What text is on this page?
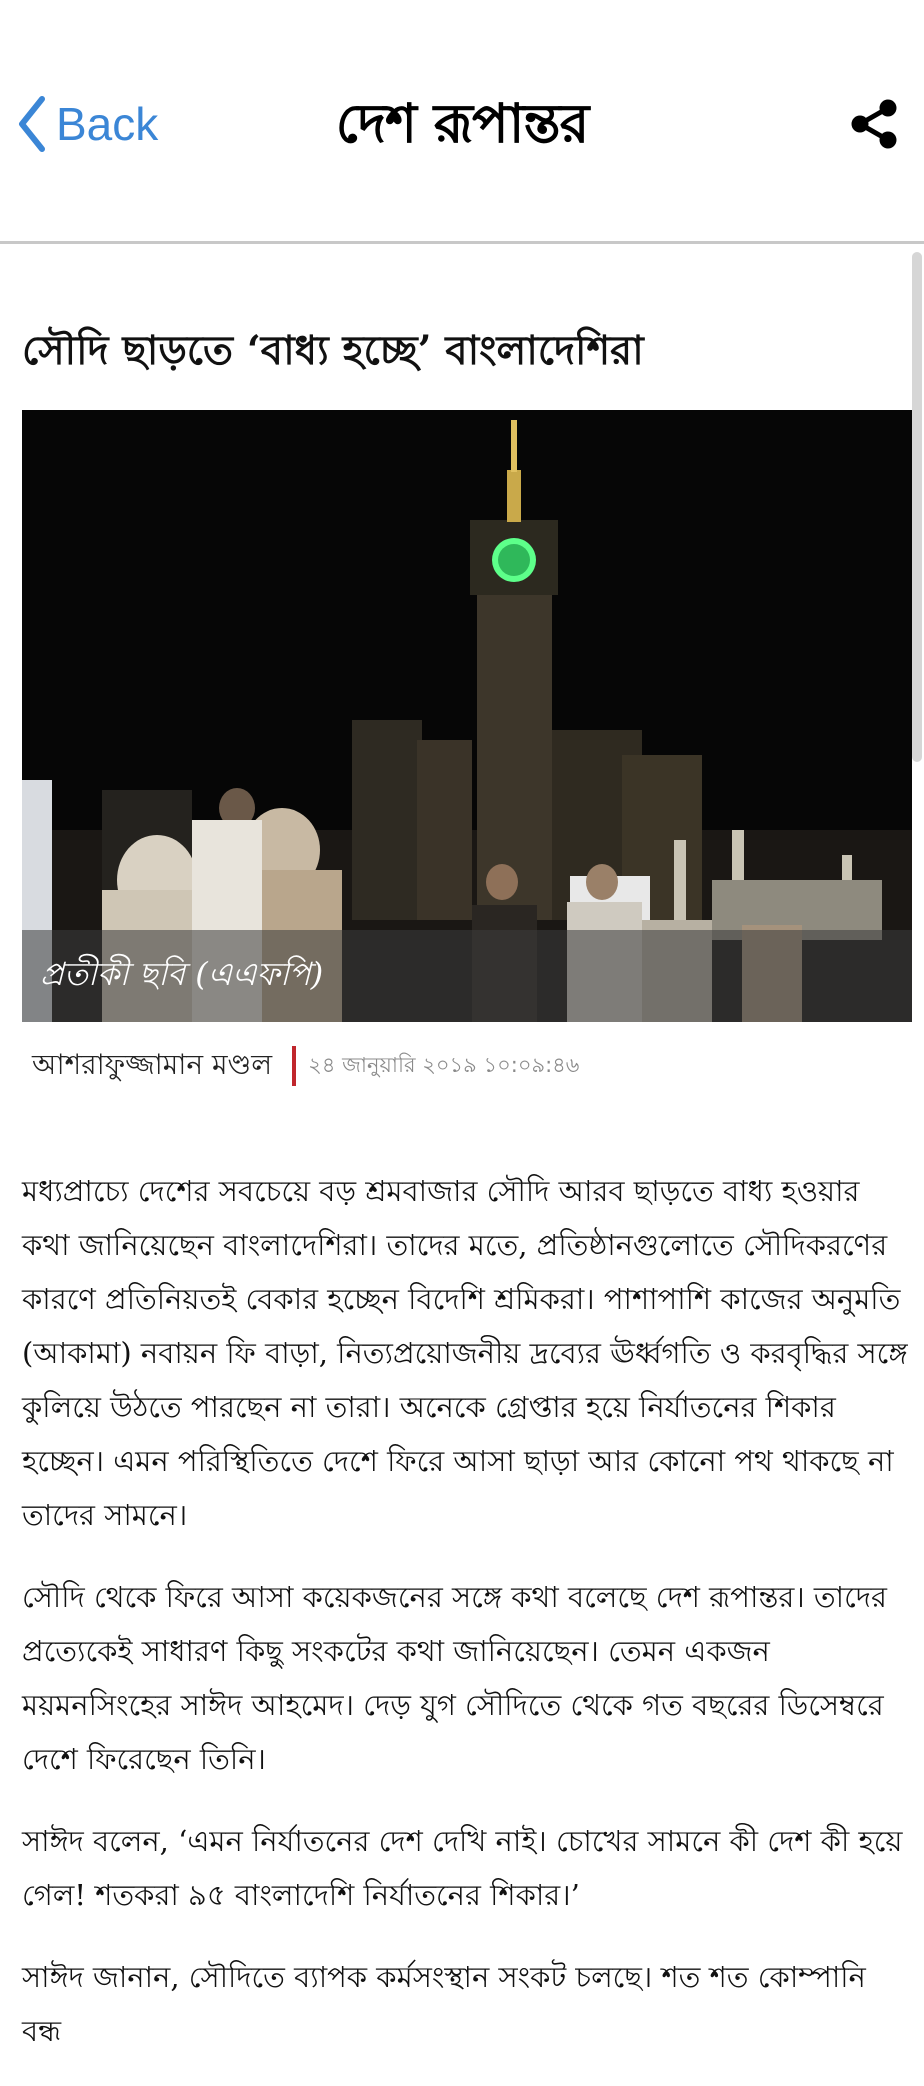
Back	দেশ রূপান্তর
সৌদি ছাড়তে ‘বাধ্য হচ্ছে’ বাংলাদেশিরা
প্রতীকী ছবি (এএফপি)
আশরাফুজ্জামান মণ্ডল ২৪ জানুয়ারি ২০১৯ ১০:০৯:৪৬

মধ্যপ্রাচ্যে দেশের সবচেয়ে বড় শ্রমবাজার সৌদি আরব ছাড়তে বাধ্য হওয়ার কথা জানিয়েছেন বাংলাদেশিরা। তাদের মতে, প্রতিষ্ঠানগুলোতে সৌদিকরণের কারণে প্রতিনিয়তই বেকার হচ্ছেন বিদেশি শ্রমিকরা। পাশাপাশি কাজের অনুমতি (আকামা) নবায়ন ফি বাড়া, নিত্যপ্রয়োজনীয় দ্রব্যের ঊর্ধ্বগতি ও করবৃদ্ধির সঙ্গে কুলিয়ে উঠতে পারছেন না তারা। অনেকে গ্রেপ্তার হয়ে নির্যাতনের শিকার হচ্ছেন। এমন পরিস্থিতিতে দেশে ফিরে আসা ছাড়া আর কোনো পথ থাকছে না তাদের সামনে।

সৌদি থেকে ফিরে আসা কয়েকজনের সঙ্গে কথা বলেছে দেশ রূপান্তর। তাদের প্রত্যেকেই সাধারণ কিছু সংকটের কথা জানিয়েছেন। তেমন একজন ময়মনসিংহের সাঈদ আহমেদ। দেড় যুগ সৌদিতে থেকে গত বছরের ডিসেম্বরে দেশে ফিরেছেন তিনি।

সাঈদ বলেন, ‘এমন নির্যাতনের দেশ দেখি নাই। চোখের সামনে কী দেশ কী হয়ে গেল! শতকরা ৯৫ বাংলাদেশি নির্যাতনের শিকার।’

সাঈদ জানান, সৌদিতে ব্যাপক কর্মসংস্থান সংকট চলছে। শত শত কোম্পানি বন্ধ
